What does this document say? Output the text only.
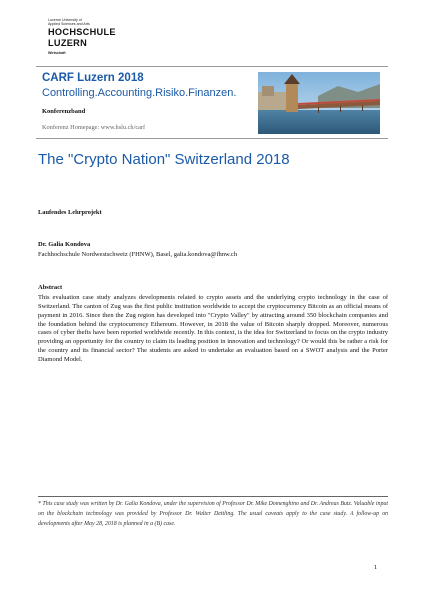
Lucerne University of
Applied Sciences and Arts
HOCHSCHULE
LUZERN
Wirtschaft
CARF Luzern 2018
Controlling.Accounting.Risiko.Finanzen.
Konferenzband
Konferenz Homepage: www.hslu.ch/carf
The "Crypto Nation" Switzerland 2018
Laufendes Lehrprojekt
Dr. Galia Kondova
Fachhochschule Nordwestschweiz (FHNW), Basel, galia.kondova@fhnw.ch
Abstract
This evaluation case study analyzes developments related to crypto assets and the underlying crypto technology in the case of Switzerland. The canton of Zug was the first public institution worldwide to accept the cryptocurrency Bitcoin as an official means of payment in 2016. Since then the Zug region has developed into "Crypto Valley" by attracting around 350 blockchain companies and the foundation behind the cryptocurrency Ethereum. However, in 2018 the value of Bitcoin sharply dropped. Moreover, numerous cases of cyber thefts have been reported worldwide recently. In this context, is the idea for Switzerland to focus on the crypto industry providing an opportunity for the country to claim its leading position in innovation and technology? Or would this be rather a risk for the country and its financial sector? The students are asked to undertake an evaluation based on a SWOT analysis and the Porter Diamond Model.
* This case study was written by Dr. Galia Kondova, under the supervision of Professor Dr. Mike Domenghino and Dr. Andreas Butz. Valuable input on the blockchain technology was provided by Professor Dr. Walter Dettling. The usual caveats apply to the case study. A follow-up on developments after May 28, 2018 is planned in a (B) case.
1
